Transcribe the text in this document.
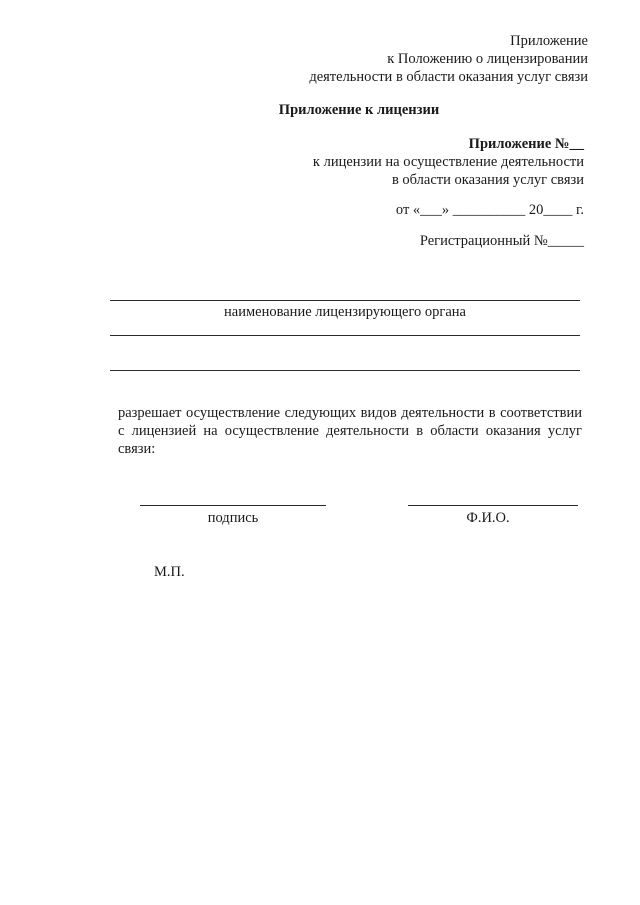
Приложение
к Положению о лицензировании
деятельности в области оказания услуг связи
Приложение к лицензии
Приложение №__
к лицензии на осуществление деятельности
в области оказания услуг связи
от «___» __________ 20____ г.
Регистрационный №_____
наименование лицензирующего органа
разрешает осуществление следующих видов деятельности в соответствии с лицензией на осуществление деятельности в области оказания услуг связи:
подпись	Ф.И.О.
М.П.
